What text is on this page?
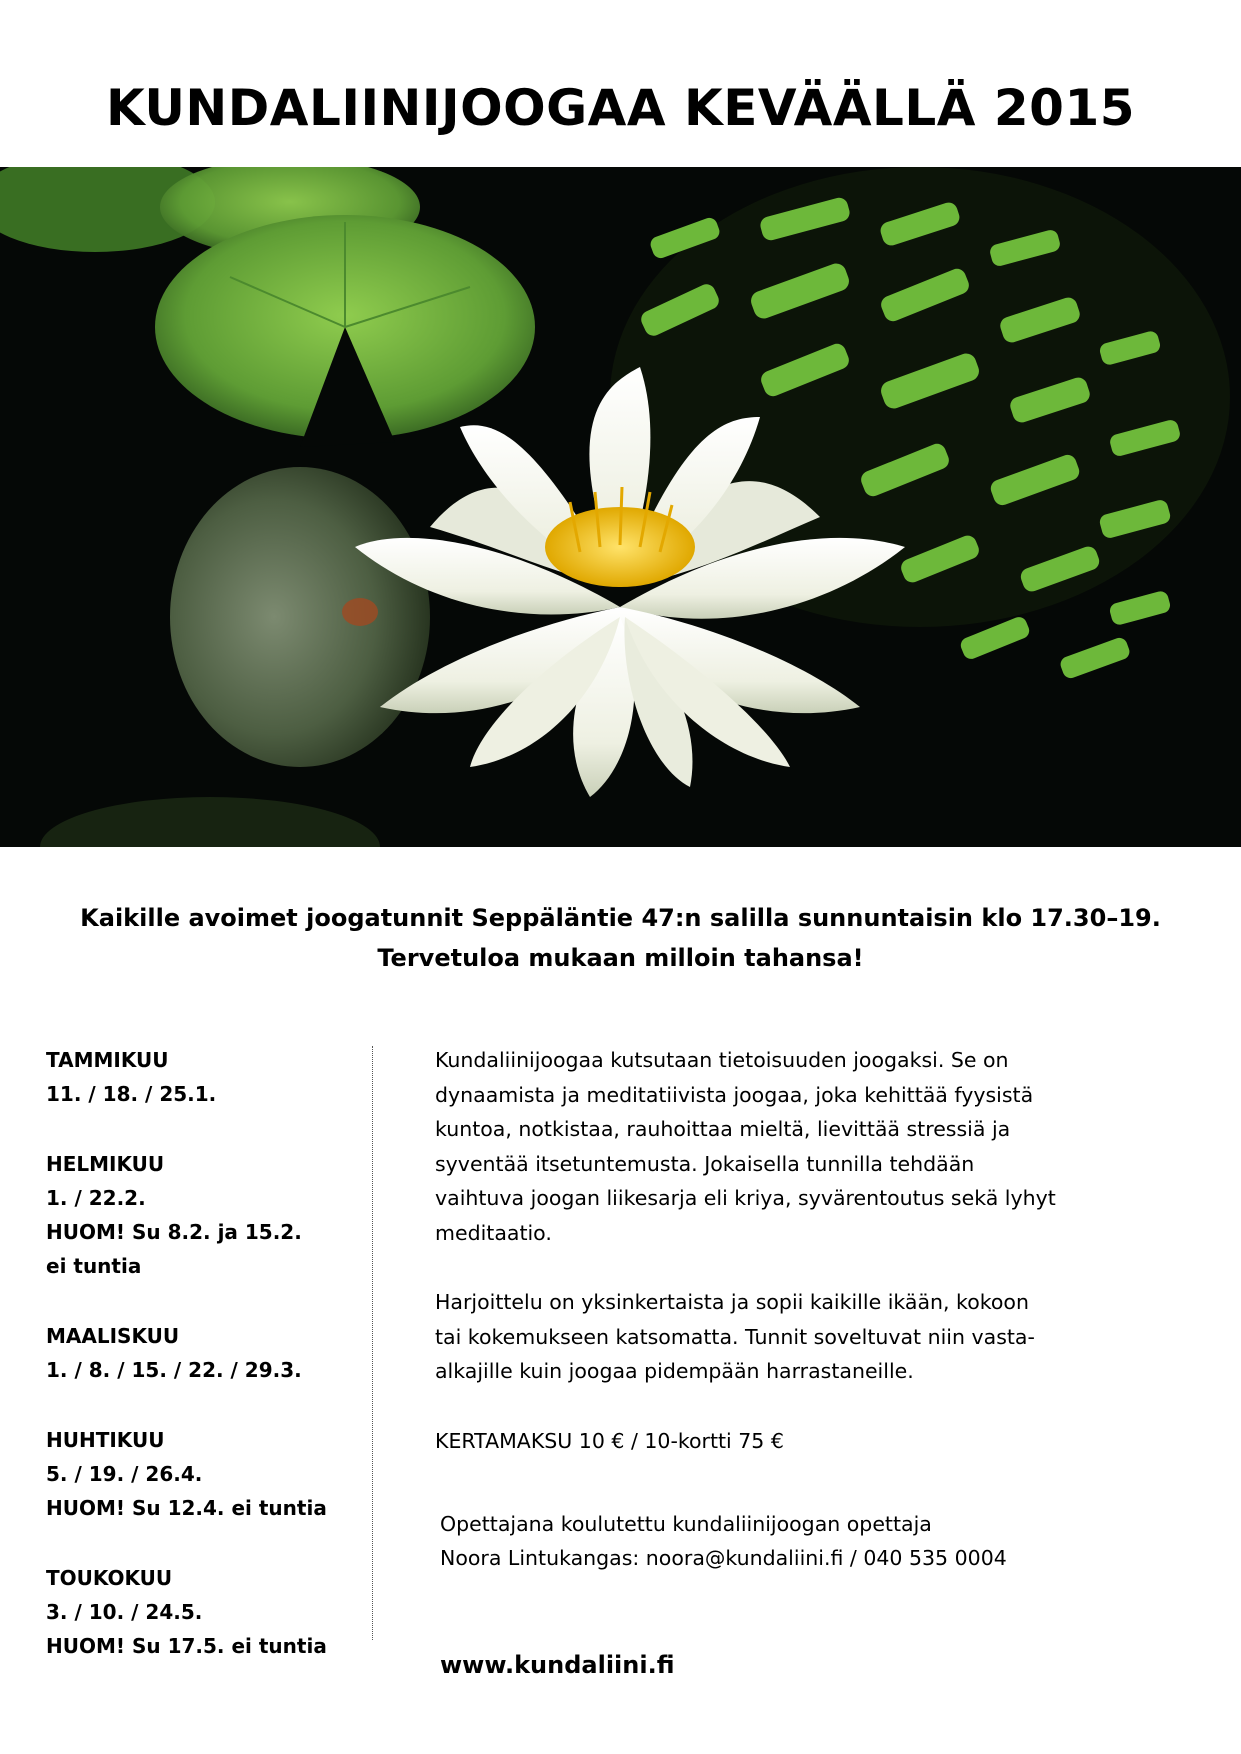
KUNDALIINIJOOGAA KEVÄÄLLÄ 2015
Kaikille avoimet joogatunnit Seppäläntie 47:n salilla sunnuntaisin klo 17.30–19.
Tervetuloa mukaan milloin tahansa!
TAMMIKUU
11. / 18. / 25.1.
HELMIKUU
1. / 22.2.
HUOM! Su 8.2. ja 15.2.
ei tuntia
MAALISKUU
1. / 8. / 15. / 22. / 29.3.
HUHTIKUU
5. / 19. / 26.4.
HUOM! Su 12.4. ei tuntia
TOUKOKUU
3. / 10. / 24.5.
HUOM! Su 17.5. ei tuntia
Kundaliinijoogaa kutsutaan tietoisuuden joogaksi. Se on
dynaamista ja meditatiivista joogaa, joka kehittää fyysistä
kuntoa, notkistaa, rauhoittaa mieltä, lievittää stressiä ja
syventää itsetuntemusta. Jokaisella tunnilla tehdään
vaihtuva joogan liikesarja eli kriya, syvärentoutus sekä lyhyt
meditaatio.
Harjoittelu on yksinkertaista ja sopii kaikille ikään, kokoon
tai kokemukseen katsomatta. Tunnit soveltuvat niin vasta-
alkajille kuin joogaa pidempään harrastaneille.
KERTAMAKSU 10 € / 10-kortti 75 €
Opettajana koulutettu kundaliinijoogan opettaja
Noora Lintukangas: noora@kundaliini.fi / 040 535 0004
www.kundaliini.fi
